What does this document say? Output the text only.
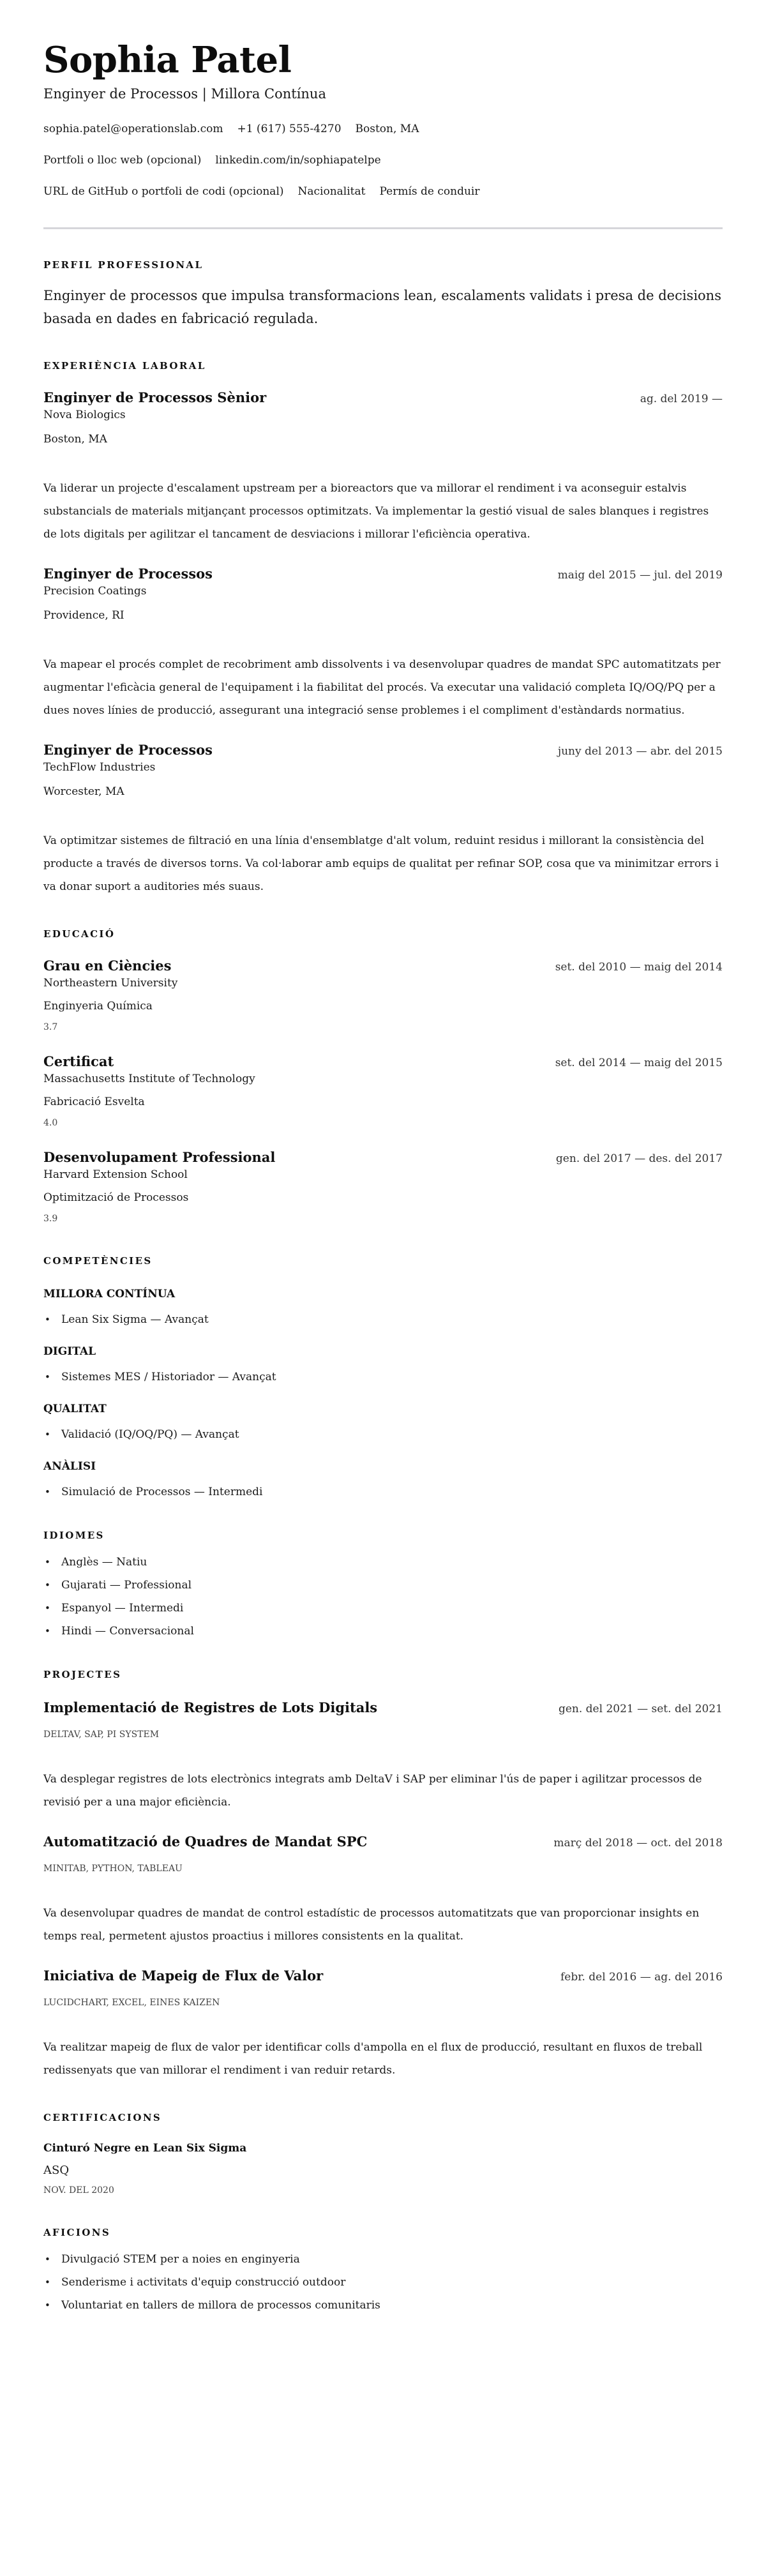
Sophia Patel
Enginyer de Processos | Millora Contínua
sophia.patel@operationslab.com +1 (617) 555-4270 Boston, MA
Portfoli o lloc web (opcional) linkedin.com/in/sophiapatelpe
URL de GitHub o portfoli de codi (opcional) Nacionalitat Permís de conduir
PERFIL PROFESSIONAL

Enginyer de processos que impulsa transformacions lean, escalaments validats i presa de decisions basada en dades en fabricació regulada.

EXPERIÈNCIA LABORAL
Enginyer de Processos Sènior	ag. del 2019 —
Nova Biologics
Boston, MA

Va liderar un projecte d'escalament upstream per a bioreactors que va millorar el rendiment i va aconseguir estalvis substancials de materials mitjançant processos optimitzats. Va implementar la gestió visual de sales blanques i registres de lots digitals per agilitzar el tancament de desviacions i millorar l'eficiència operativa.

Enginyer de Processos	maig del 2015 — jul. del 2019
Precision Coatings
Providence, RI

Va mapear el procés complet de recobriment amb dissolvents i va desenvolupar quadres de mandat SPC automatitzats per augmentar l'eficàcia general de l'equipament i la fiabilitat del procés. Va executar una validació completa IQ/OQ/PQ per a dues noves línies de producció, assegurant una integració sense problemes i el compliment d'estàndards normatius.

Enginyer de Processos	juny del 2013 — abr. del 2015
TechFlow Industries
Worcester, MA

Va optimitzar sistemes de filtració en una línia d'ensemblatge d'alt volum, reduint residus i millorant la consistència del producte a través de diversos torns. Va col·laborar amb equips de qualitat per refinar SOP, cosa que va minimitzar errors i va donar suport a auditories més suaus.

EDUCACIÓ
Grau en Ciències	set. del 2010 — maig del 2014
Northeastern University
Enginyeria Química
3.7
Certificat	set. del 2014 — maig del 2015
Massachusetts Institute of Technology
Fabricació Esvelta
4.0
Desenvolupament Professional	gen. del 2017 — des. del 2017
Harvard Extension School
Optimització de Processos
3.9
COMPETÈNCIES
MILLORA CONTÍNUA
• Lean Six Sigma — Avançat
DIGITAL
• Sistemes MES / Historiador — Avançat
QUALITAT
• Validació (IQ/OQ/PQ) — Avançat
ANÀLISI
• Simulació de Processos — Intermedi
IDIOMES
• Anglès — Natiu
• Gujarati — Professional
• Espanyol — Intermedi
• Hindi — Conversacional
PROJECTES
Implementació de Registres de Lots Digitals	gen. del 2021 — set. del 2021
DELTAV, SAP, PI SYSTEM

Va desplegar registres de lots electrònics integrats amb DeltaV i SAP per eliminar l'ús de paper i agilitzar processos de revisió per a una major eficiència.

Automatització de Quadres de Mandat SPC	març del 2018 — oct. del 2018
MINITAB, PYTHON, TABLEAU

Va desenvolupar quadres de mandat de control estadístic de processos automatitzats que van proporcionar insights en temps real, permetent ajustos proactius i millores consistents en la qualitat.

Iniciativa de Mapeig de Flux de Valor	febr. del 2016 — ag. del 2016
LUCIDCHART, EXCEL, EINES KAIZEN

Va realitzar mapeig de flux de valor per identificar colls d'ampolla en el flux de producció, resultant en fluxos de treball redissenyats que van millorar el rendiment i van reduir retards.

CERTIFICACIONS
Cinturó Negre en Lean Six Sigma
ASQ
NOV. DEL 2020
AFICIONS
• Divulgació STEM per a noies en enginyeria
• Senderisme i activitats d'equip construcció outdoor
• Voluntariat en tallers de millora de processos comunitaris
